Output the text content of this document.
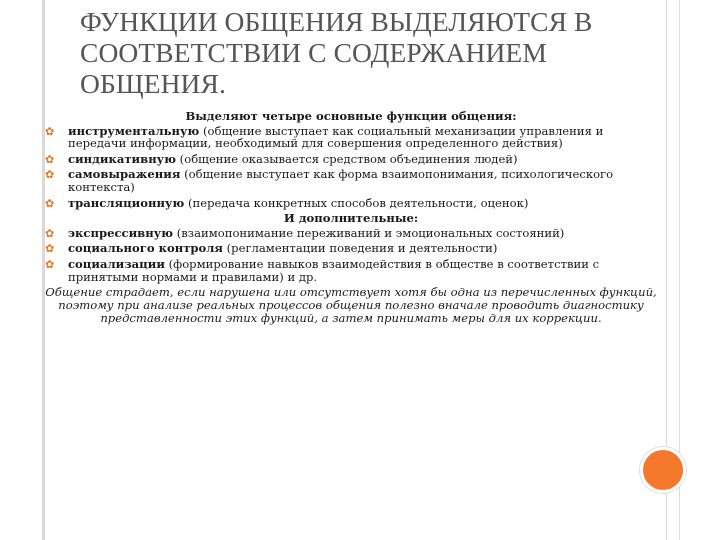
ФУНКЦИИ ОБЩЕНИЯ ВЫДЕЛЯЮТСЯ В СООТВЕТСТВИИ С СОДЕРЖАНИЕМ ОБЩЕНИЯ.

Выделяют четыре основные функции общения:

✿ инструментальную (общение выступает как социальный механизации управления и передачи информации, необходимый для совершения определенного действия)
✿ синдикативную (общение оказывается средством объединения людей)
✿ самовыражения (общение выступает как форма взаимопонимания, психологического контекста)
✿ трансляционную (передача конкретных способов деятельности, оценок)

И дополнительные:

✿ экспрессивную (взаимопонимание переживаний и эмоциональных состояний)
✿ социального контроля (регламентации поведения и деятельности)
✿ социализации (формирование навыков взаимодействия в обществе в соответствии с принятыми нормами и правилами) и др.

Общение страдает, если нарушена или отсутствует хотя бы одна из перечисленных функций, поэтому при анализе реальных процессов общения полезно вначале проводить диагностику представленности этих функций, а затем принимать меры для их коррекции.
